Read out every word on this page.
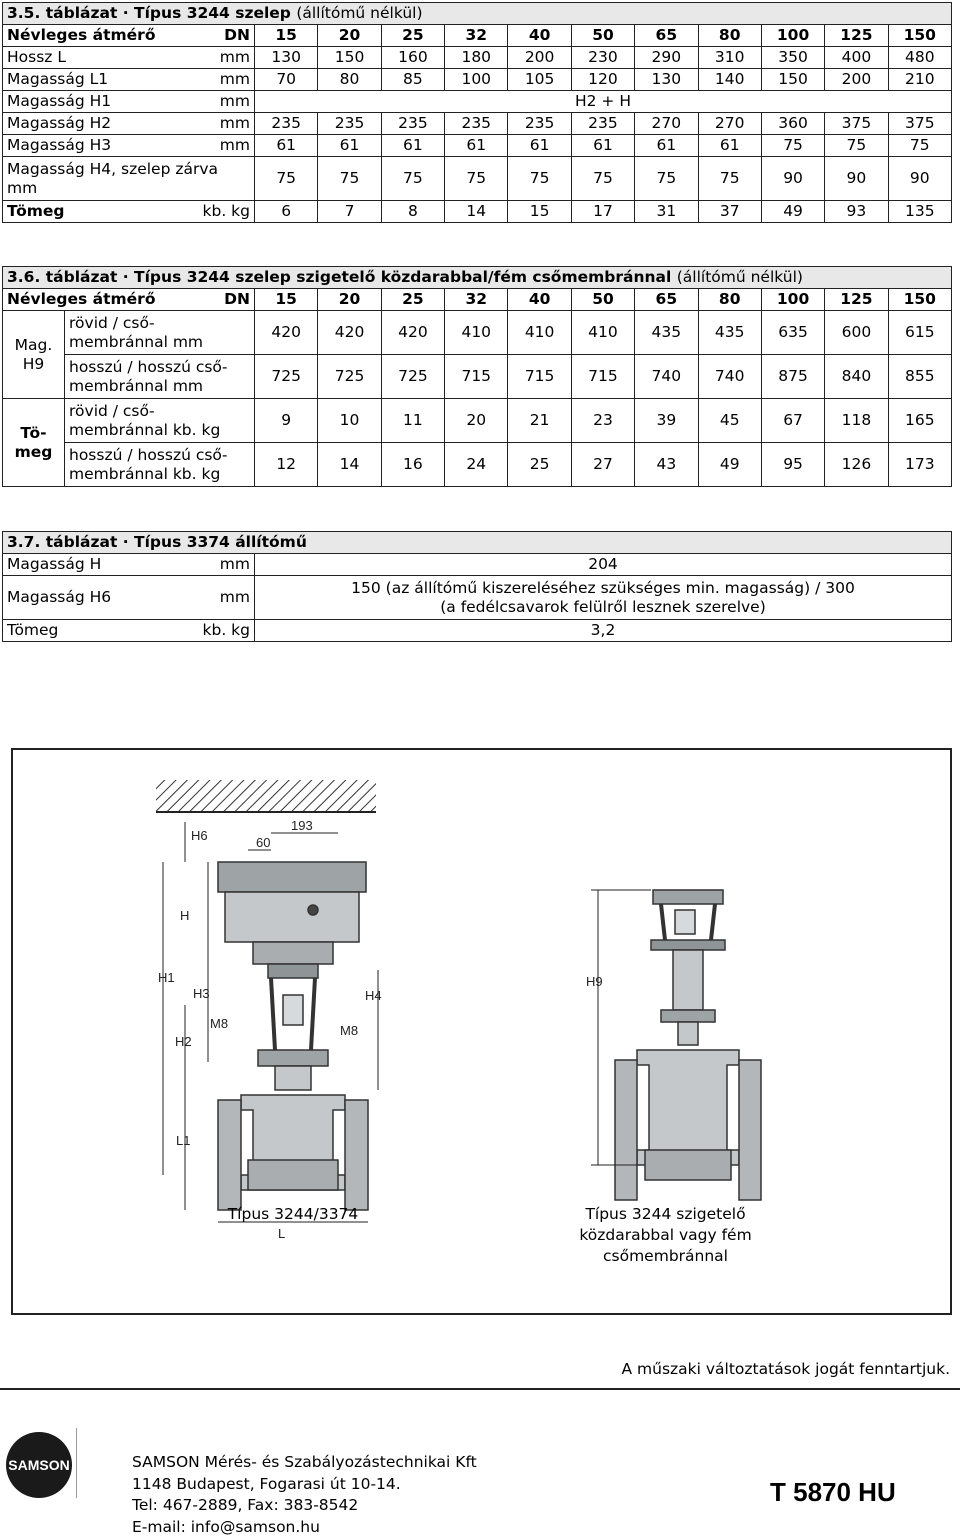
3.5. táblázat · Típus 3244 szelep (állítómű nélkül)												
Névleges átmérő	DN	15	20	25	32	40	50	65	80	100	125	150
Hossz L	mm	130	150	160	180	200	230	290	310	350	400	480
Magasság L1	mm	70	80	85	100	105	120	130	140	150	200	210
Magasság H1	mm	H2 + H										
Magasság H2	mm	235	235	235	235	235	235	270	270	360	375	375
Magasság H3	mm	61	61	61	61	61	61	61	61	75	75	75
Magasság H4, szelep zárva mm		75	75	75	75	75	75	75	75	90	90	90
Tömeg	kb. kg	6	7	8	14	15	17	31	37	49	93	135
3.6. táblázat · Típus 3244 szelep szigetelő közdarabbal/fém csőmembránnal (állítómű nélkül)													
Névleges átmérő		DN	15	20	25	32	40	50	65	80	100	125	150
Mag. H9	rövid / cső-membránnal mm		420	420	420	410	410	410	435	435	635	600	615
	hosszú / hosszú cső-membránnal mm		725	725	725	715	715	715	740	740	875	840	855
Tö- meg	rövid / cső-membránnal kb. kg		9	10	11	20	21	23	39	45	67	118	165
	hosszú / hosszú cső-membránnal kb. kg		12	14	16	24	25	27	43	49	95	126	173
3.7. táblázat · Típus 3374 állítómű		
Magasság H	mm	204
Magasság H6	mm	150 (az állítómű kiszereléséhez szükséges min. magasság) / 300 (a fedélcsavarok felülről lesznek szerelve)
Tömeg	kb. kg	3,2
H6
193
60
H
H1
H3	H4
M8	M8
H2
L1
L
H9
Típus 3244/3374	Típus 3244 szigetelő közdarabbal vagy fém csőmembránnal
A műszaki változtatások jogát fenntartjuk.
SAMSON	SAMSON Mérés- és Szabályozástechnikai Kft
1148 Budapest, Fogarasi út 10-14.
Tel: 467-2889, Fax: 383-8542
E-mail: info@samson.hu
T 5870 HU
